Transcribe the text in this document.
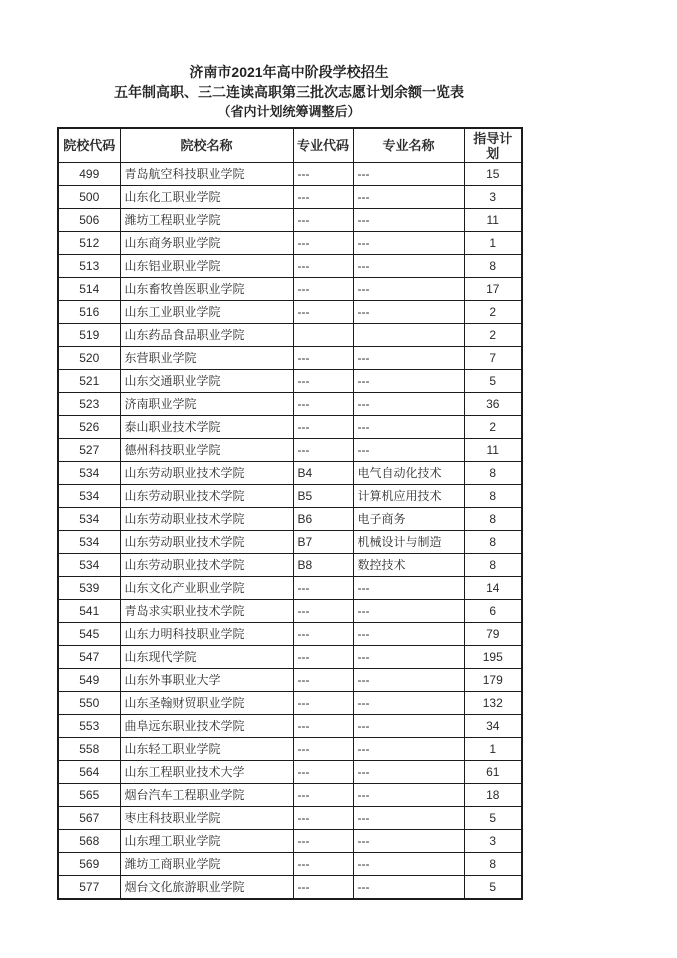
济南市2021年高中阶段学校招生
五年制高职、三二连读高职第三批次志愿计划余额一览表
（省内计划统筹调整后）
院校代码	院校名称	专业代码	专业名称	指导计划
499	青岛航空科技职业学院	---	---	15
500	山东化工职业学院	---	---	3
506	潍坊工程职业学院	---	---	11
512	山东商务职业学院	---	---	1
513	山东铝业职业学院	---	---	8
514	山东畜牧兽医职业学院	---	---	17
516	山东工业职业学院	---	---	2
519	山东药品食品职业学院			2
520	东营职业学院	---	---	7
521	山东交通职业学院	---	---	5
523	济南职业学院	---	---	36
526	泰山职业技术学院	---	---	2
527	德州科技职业学院	---	---	11
534	山东劳动职业技术学院	B4	电气自动化技术	8
534	山东劳动职业技术学院	B5	计算机应用技术	8
534	山东劳动职业技术学院	B6	电子商务	8
534	山东劳动职业技术学院	B7	机械设计与制造	8
534	山东劳动职业技术学院	B8	数控技术	8
539	山东文化产业职业学院	---	---	14
541	青岛求实职业技术学院	---	---	6
545	山东力明科技职业学院	---	---	79
547	山东现代学院	---	---	195
549	山东外事职业大学	---	---	179
550	山东圣翰财贸职业学院	---	---	132
553	曲阜远东职业技术学院	---	---	34
558	山东轻工职业学院	---	---	1
564	山东工程职业技术大学	---	---	61
565	烟台汽车工程职业学院	---	---	18
567	枣庄科技职业学院	---	---	5
568	山东理工职业学院	---	---	3
569	潍坊工商职业学院	---	---	8
577	烟台文化旅游职业学院	---	---	5
